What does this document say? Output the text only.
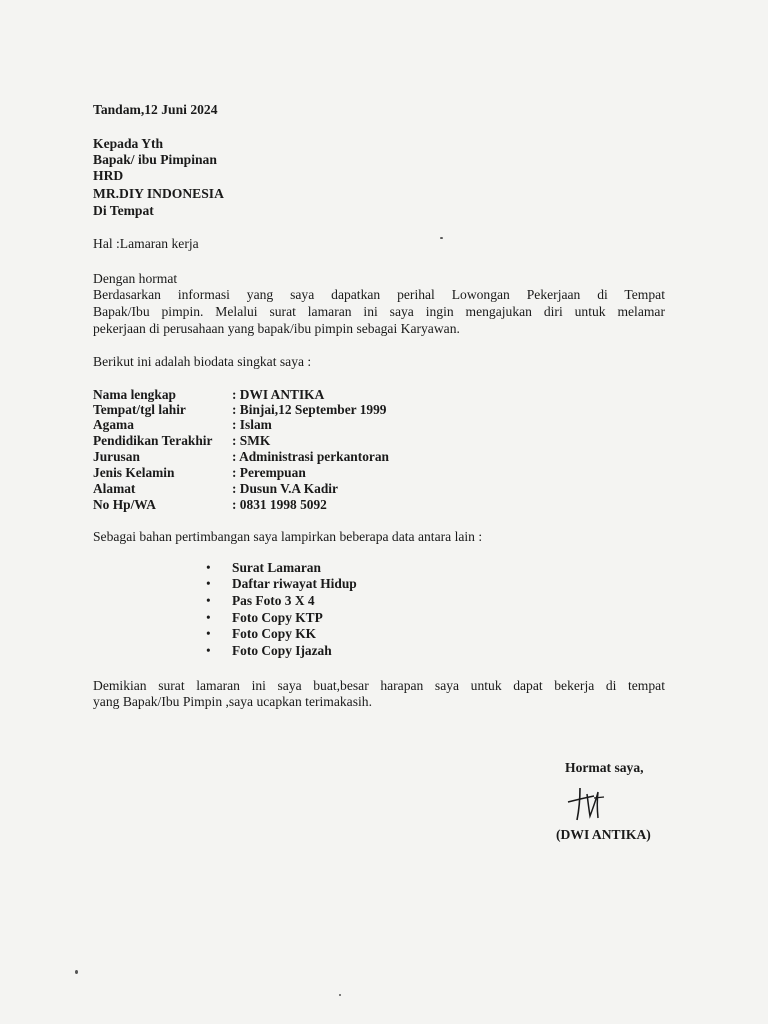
Tandam,12 Juni 2024
Kepada Yth
Bapak/ ibu Pimpinan
HRD
MR.DIY INDONESIA
Di Tempat
Hal :Lamaran kerja
Dengan hormat
Berdasarkan informasi yang saya dapatkan perihal Lowongan Pekerjaan di Tempat
Bapak/Ibu pimpin. Melalui surat lamaran ini saya ingin mengajukan diri untuk melamar
pekerjaan di perusahaan yang bapak/ibu pimpin sebagai Karyawan.
Berikut ini adalah biodata singkat saya :
Nama lengkap	: DWI ANTIKA
Tempat/tgl lahir	: Binjai,12 September 1999
Agama	: Islam
Pendidikan Terakhir : SMK
Jurusan	: Administrasi perkantoran
Jenis Kelamin	: Perempuan
Alamat	: Dusun V.A Kadir
No Hp/WA	: 0831 1998 5092
Sebagai bahan pertimbangan saya lampirkan beberapa data antara lain :
• Surat Lamaran
• Daftar riwayat Hidup
• Pas Foto 3 X 4
• Foto Copy KTP
• Foto Copy KK
• Foto Copy Ijazah
Demikian surat lamaran ini saya buat,besar harapan saya untuk dapat bekerja di tempat
yang Bapak/Ibu Pimpin ,saya ucapkan terimakasih.
Hormat saya,
(DWI ANTIKA)
